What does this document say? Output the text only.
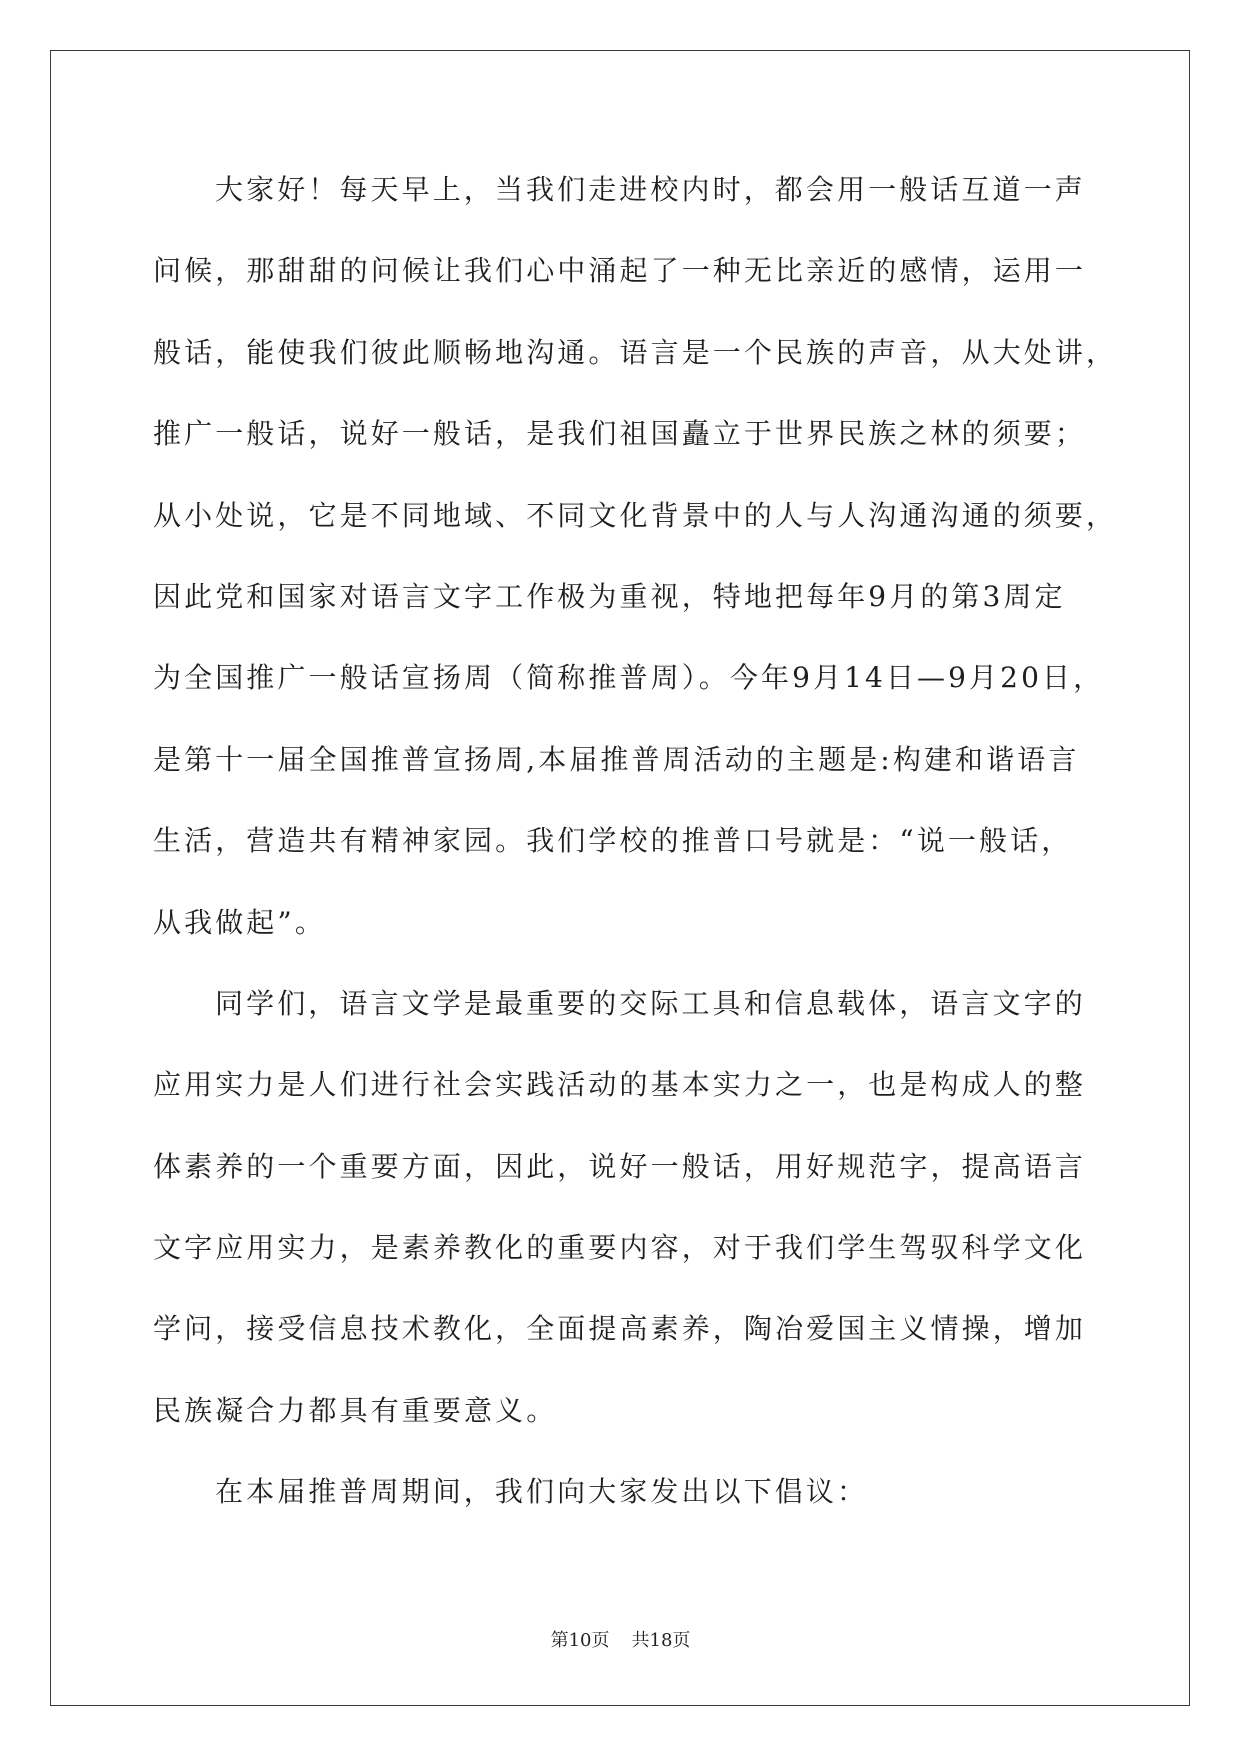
大家好！每天早上，当我们走进校内时，都会用一般话互道一声
问候，那甜甜的问候让我们心中涌起了一种无比亲近的感情，运用一
般话，能使我们彼此顺畅地沟通。语言是一个民族的声音，从大处讲，
推广一般话，说好一般话，是我们祖国矗立于世界民族之林的须要；
从小处说，它是不同地域、不同文化背景中的人与人沟通沟通的须要，
因此党和国家对语言文字工作极为重视，特地把每年9月的第3周定
为全国推广一般话宣扬周（简称推普周）。今年9月14日—9月20日，
是第十一届全国推普宣扬周,本届推普周活动的主题是:构建和谐语言
生活，营造共有精神家园。我们学校的推普口号就是：“说一般话，
从我做起”。
同学们，语言文学是最重要的交际工具和信息载体，语言文字的
应用实力是人们进行社会实践活动的基本实力之一，也是构成人的整
体素养的一个重要方面，因此，说好一般话，用好规范字，提高语言
文字应用实力，是素养教化的重要内容，对于我们学生驾驭科学文化
学问，接受信息技术教化，全面提高素养，陶冶爱国主义情操，增加
民族凝合力都具有重要意义。
在本届推普周期间，我们向大家发出以下倡议：
第10页 共18页
